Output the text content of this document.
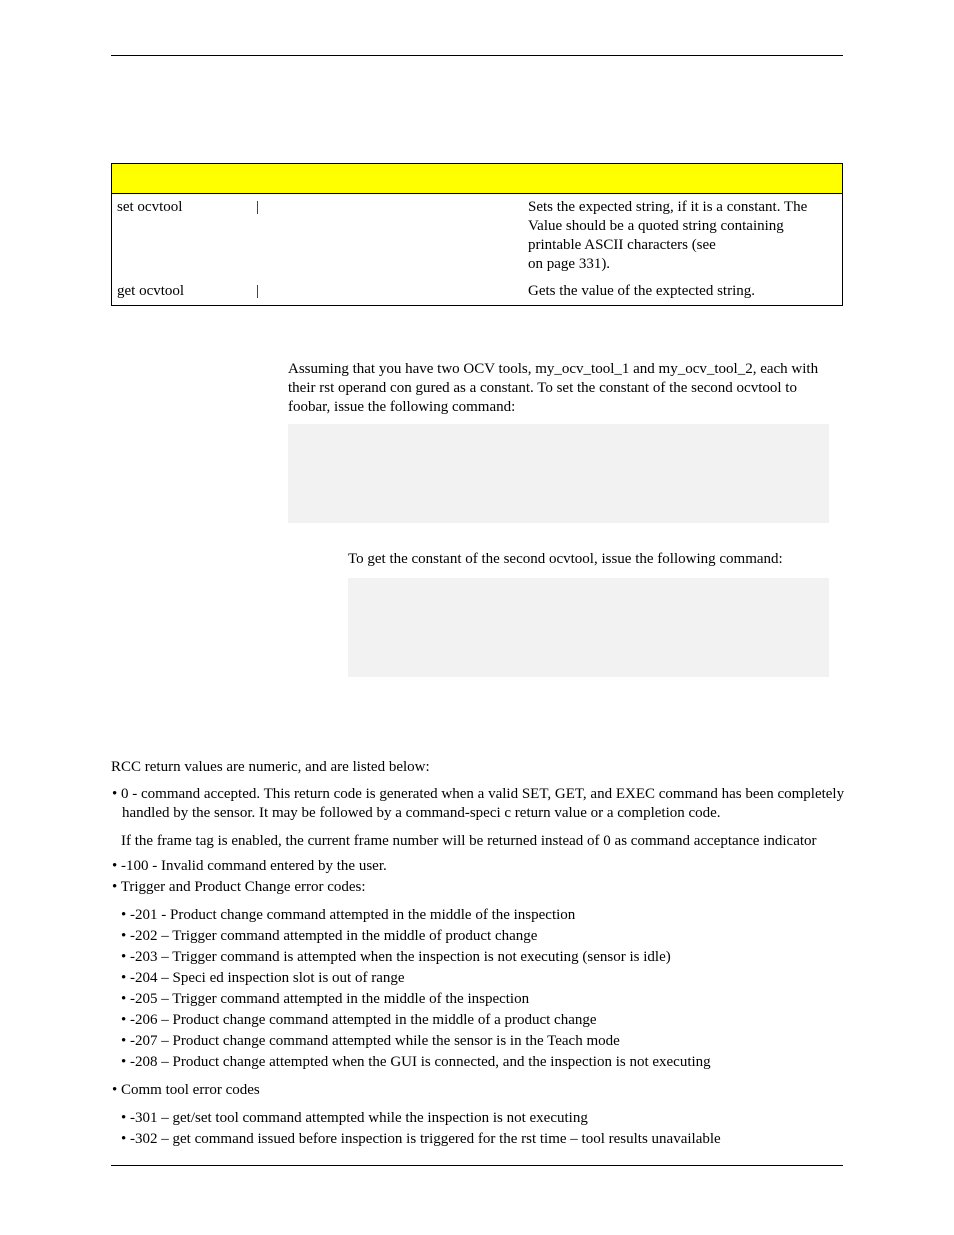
set ocvtool	|	Sets the expected string, if it is a constant. The
Value should be a quoted string containing
printable ASCII characters (see
on page 331).
get ocvtool	|	Gets the value of the exptected string.
Assuming that you have two OCV tools, my_ocv_tool_1 and my_ocv_tool_2, each with
their rst operand con gured as a constant. To set the constant of the second ocvtool to
foobar, issue the following command:
To get the constant of the second ocvtool, issue the following command:
RCC return values are numeric, and are listed below:
• 0 - command accepted. This return code is generated when a valid SET, GET, and EXEC command has been completely
handled by the sensor. It may be followed by a command-speci c return value or a completion code.
If the frame tag is enabled, the current frame number will be returned instead of 0 as command acceptance indicator
• -100 - Invalid command entered by the user.
• Trigger and Product Change error codes:
• -201 - Product change command attempted in the middle of the inspection
• -202 – Trigger command attempted in the middle of product change
• -203 – Trigger command is attempted when the inspection is not executing (sensor is idle)
• -204 – Speci ed inspection slot is out of range
• -205 – Trigger command attempted in the middle of the inspection
• -206 – Product change command attempted in the middle of a product change
• -207 – Product change command attempted while the sensor is in the Teach mode
• -208 – Product change attempted when the GUI is connected, and the inspection is not executing
• Comm tool error codes
• -301 – get/set tool command attempted while the inspection is not executing
• -302 – get command issued before inspection is triggered for the rst time – tool results unavailable
